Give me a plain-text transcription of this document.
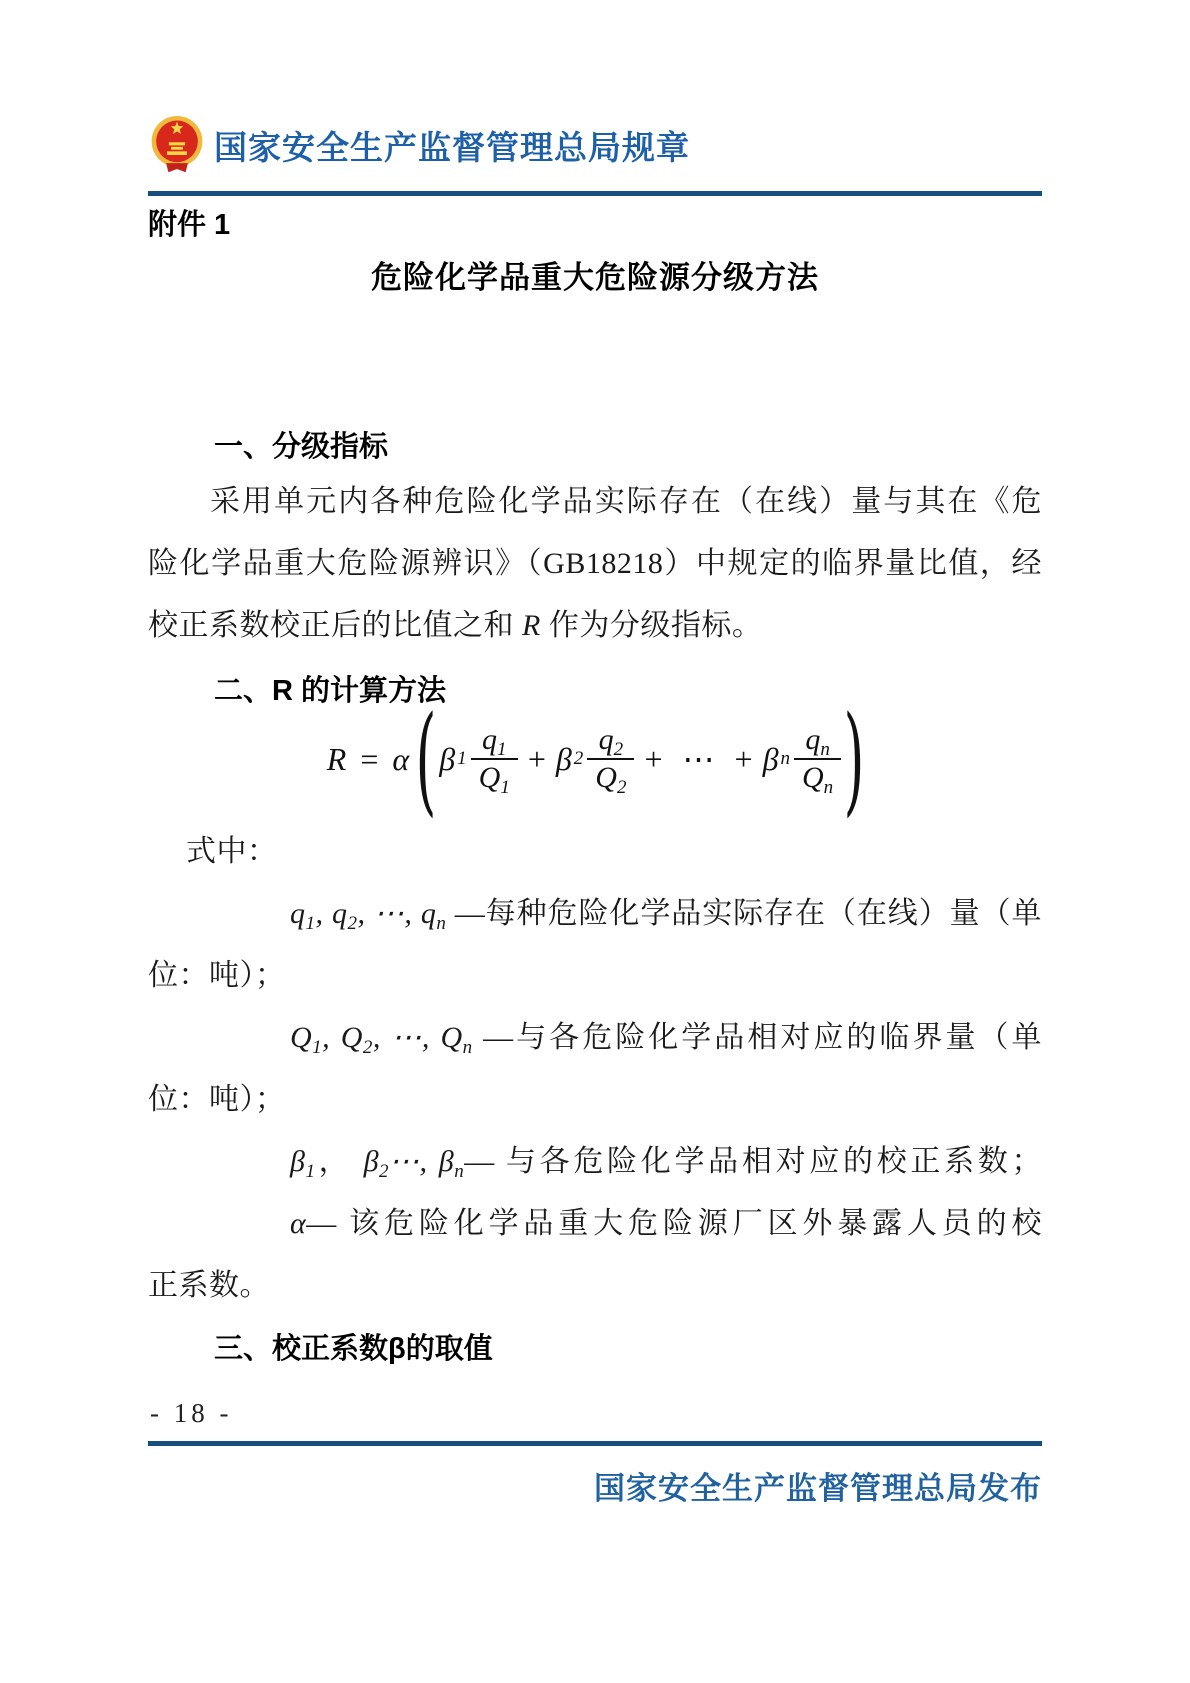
国家安全生产监督管理总局规章
附件 1
危险化学品重大危险源分级方法
一、分级指标

采用单元内各种危险化学品实际存在（在线）量与其在《危

险化学品重大危险源辨识》（GB18218）中规定的临界量比值，经

校正系数校正后的比值之和 R 作为分级指标。

二、R 的计算方法
R = α ( β $1 \frac{q_1}{Q_1} + \beta$ $2 \frac{q_2}{Q_2}$ + ⋯ + β n $\frac{q_n}{Q_n}$ )

式中：

$q_1$, $q_2$, ⋯, $q_n$ —每种危险化学品实际存在（在线）量（单

位：吨）；

$Q_1$, $Q_2$, ⋯, $Q_n$ —与各危险化学品相对应的临界量（单

位：吨）；

$\beta_1$， $\beta_2\cdots$, $\beta_n—$ 与各危险化学品相对应的校正系数；

α— 该危险化学品重大危险源厂区外暴露人员的校

正系数。

三、校正系数β的取值
- 18 -
国家安全生产监督管理总局发布
